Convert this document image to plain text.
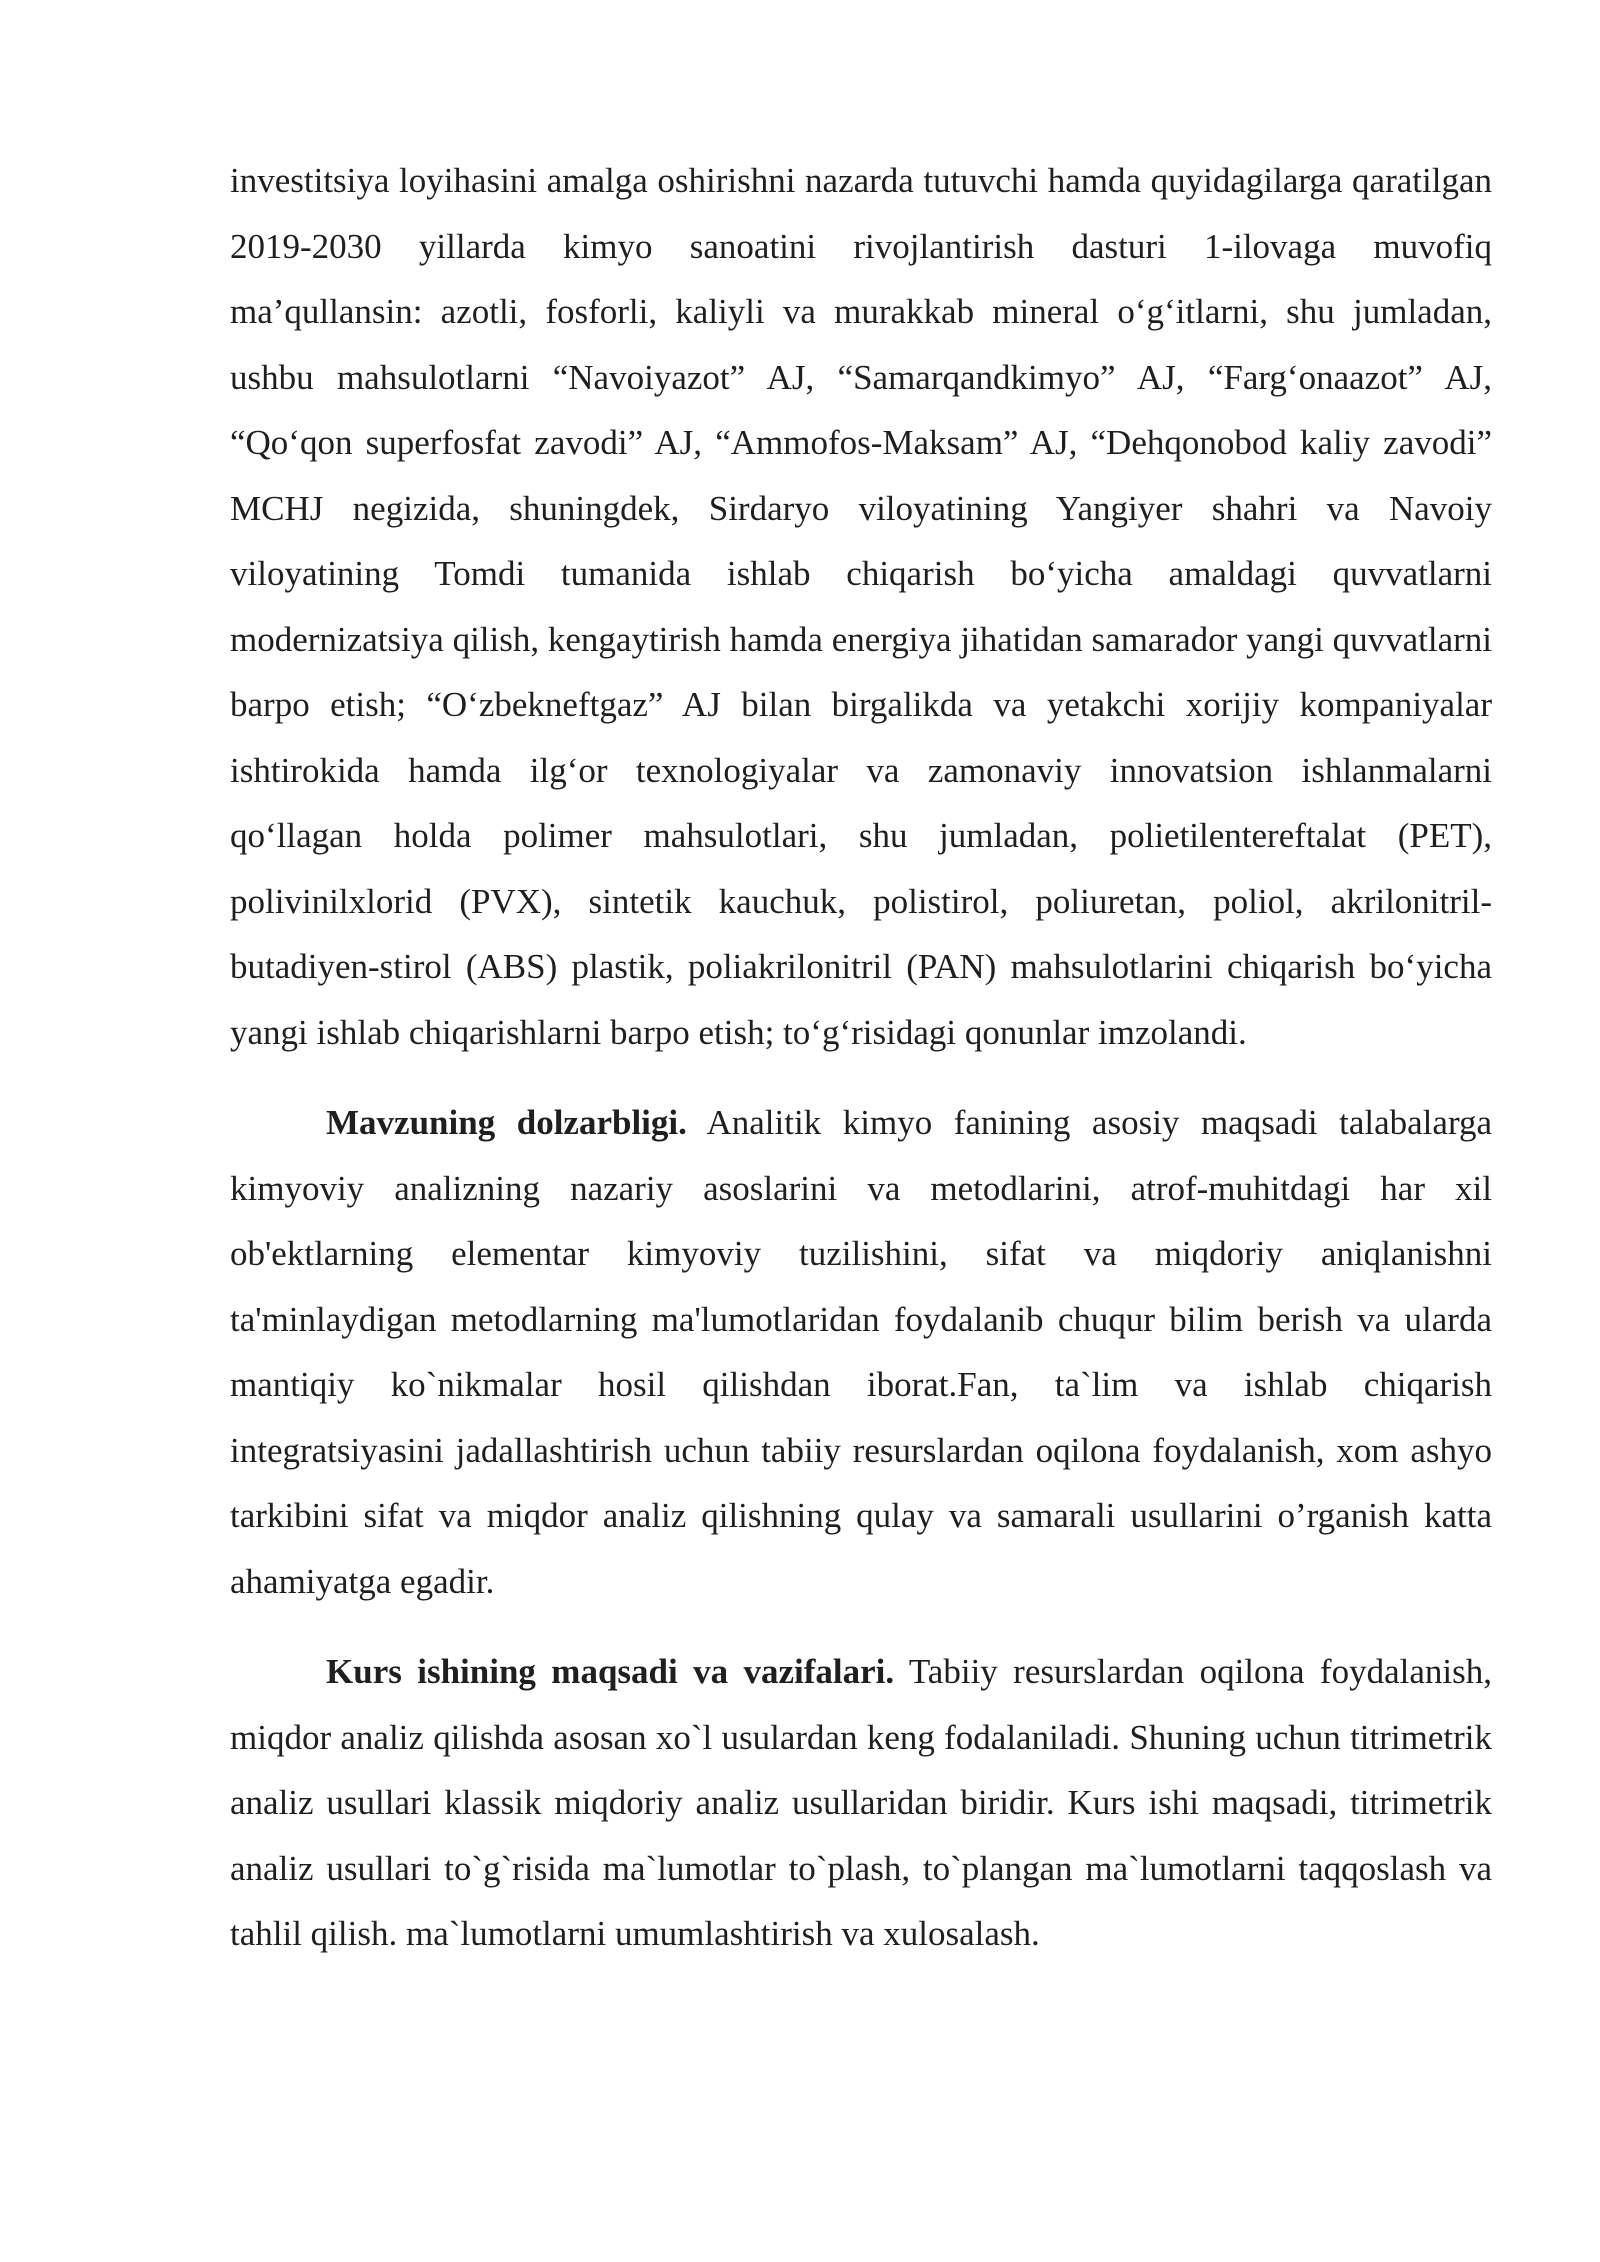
investitsiya loyihasini amalga oshirishni nazarda tutuvchi hamda quyidagilarga qaratilgan 2019-2030 yillarda kimyo sanoatini rivojlantirish dasturi 1-ilovaga muvofiq ma’qullansin: azotli, fosforli, kaliyli va murakkab mineral o‘g‘itlarni, shu jumladan, ushbu mahsulotlarni “Navoiyazot” AJ, “Samarqandkimyo” AJ, “Farg‘onaazot” AJ, “Qo‘qon superfosfat zavodi” AJ, “Ammofos-Maksam” AJ, “Dehqonobod kaliy zavodi” MCHJ negizida, shuningdek, Sirdaryo viloyatining Yangiyer shahri va Navoiy viloyatining Tomdi tumanida ishlab chiqarish bo‘yicha amaldagi quvvatlarni modernizatsiya qilish, kengaytirish hamda energiya jihatidan samarador yangi quvvatlarni barpo etish; “O‘zbekneftgaz” AJ bilan birgalikda va yetakchi xorijiy kompaniyalar ishtirokida hamda ilg‘or texnologiyalar va zamonaviy innovatsion ishlanmalarni qo‘llagan holda polimer mahsulotlari, shu jumladan, polietilentereftalat (PET), polivinilxlorid (PVX), sintetik kauchuk, polistirol, poliuretan, poliol, akrilonitril-butadiyen-stirol (ABS) plastik, poliakrilonitril (PAN) mahsulotlarini chiqarish bo‘yicha yangi ishlab chiqarishlarni barpo etish; to‘g‘risidagi qonunlar imzolandi.

Mavzuning dolzarbligi. Analitik kimyo fanining asosiy maqsadi talabalarga kimyoviy analizning nazariy asoslarini va metodlarini, atrof-muhitdagi har xil ob'ektlarning elementar kimyoviy tuzilishini, sifat va miqdoriy aniqlanishni ta'minlaydigan metodlarning ma'lumotlaridan foydalanib chuqur bilim berish va ularda mantiqiy ko`nikmalar hosil qilishdan iborat.Fan, ta`lim va ishlab chiqarish integratsiyasini jadallashtirish uchun tabiiy resurslardan oqilona foydalanish, xom ashyo tarkibini sifat va miqdor analiz qilishning qulay va samarali usullarini o’rganish katta ahamiyatga egadir.

Kurs ishining maqsadi va vazifalari. Tabiiy resurslardan oqilona foydalanish, miqdor analiz qilishda asosan xo`l usulardan keng fodalaniladi. Shuning uchun titrimetrik analiz usullari klassik miqdoriy analiz usullaridan biridir. Kurs ishi maqsadi, titrimetrik analiz usullari to`g`risida ma`lumotlar to`plash, to`plangan ma`lumotlarni taqqoslash va tahlil qilish. ma`lumotlarni umumlashtirish va xulosalash.
